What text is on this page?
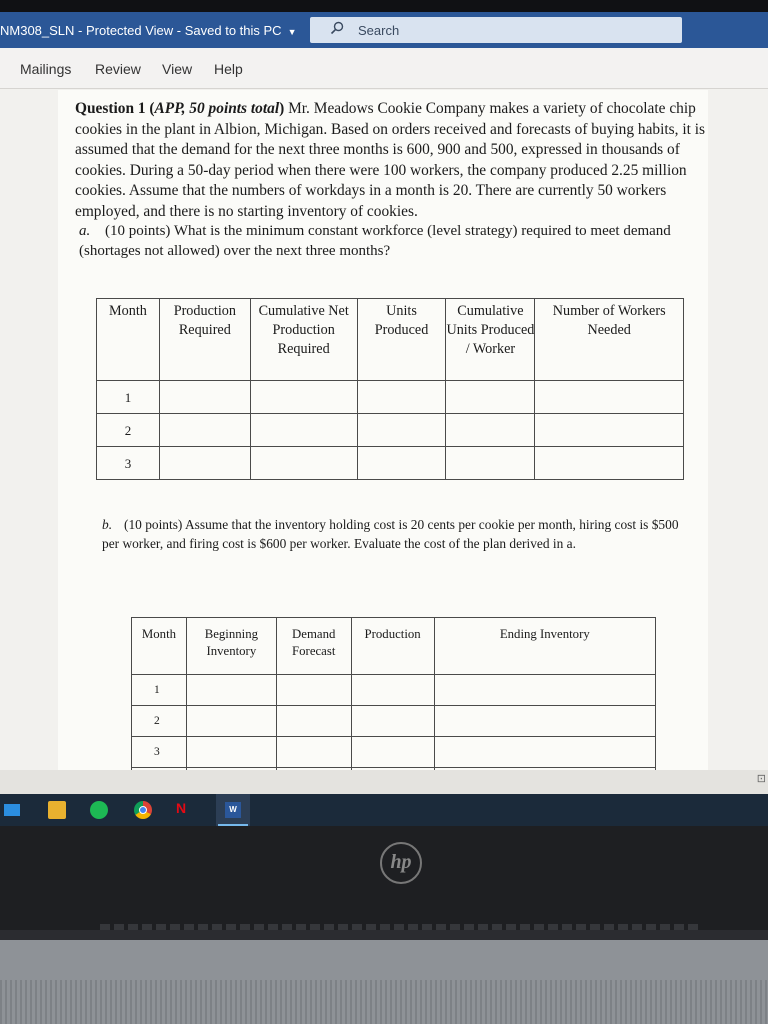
NM308_SLN - Protected View - Saved to this PC ▼	Search
Mailings Review View Help
Question 1 (APP, 50 points total) Mr. Meadows Cookie Company makes a variety of chocolate chip cookies in the plant in Albion, Michigan. Based on orders received and forecasts of buying habits, it is assumed that the demand for the next three months is 600, 900 and 500, expressed in thousands of cookies. During a 50-day period when there were 100 workers, the company produced 2.25 million cookies. Assume that the numbers of workdays in a month is 20. There are currently 50 workers employed, and there is no starting inventory of cookies.
a. (10 points) What is the minimum constant workforce (level strategy) required to meet demand (shortages not allowed) over the next three months?
Month	Production Required	Cumulative Net Production Required	Units Produced	Cumulative Units Produced / Worker	Number of Workers Needed
1					
2					
3					
b. (10 points) Assume that the inventory holding cost is 20 cents per cookie per month, hiring cost is $500 per worker, and firing cost is $600 per worker. Evaluate the cost of the plan derived in a.
Month	Beginning Inventory	Demand Forecast	Production	Ending Inventory
1				
2				
3				

⊡
N	W
hp
